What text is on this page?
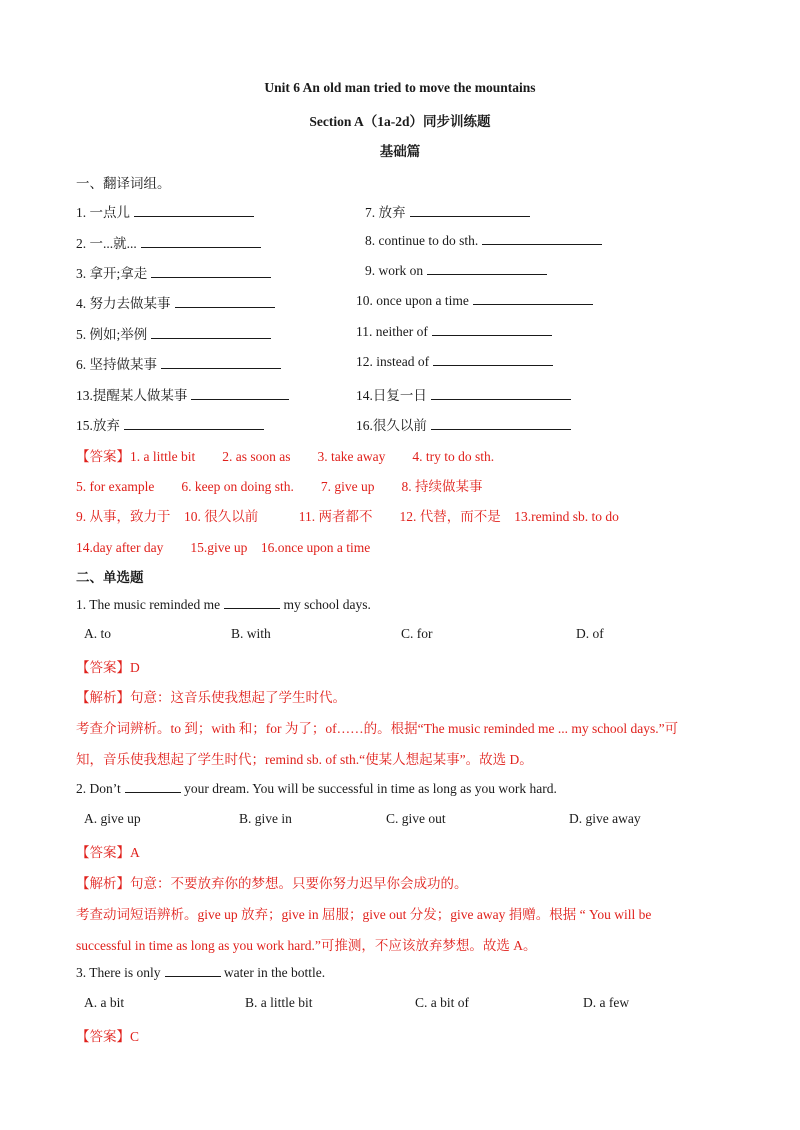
Unit 6 An old man tried to move the mountains
Section A（1a-2d）同步训练题
基础篇
一、翻译词组。
1. 一点儿
2. 一...就...
3. 拿开;拿走
4. 努力去做某事
5. 例如;举例
6. 坚持做某事
13.提醒某人做某事
15.放弃
7. 放弃
8. continue to do sth.
9. work on
10. once upon a time
11. neither of
12. instead of
14.日复一日
16.很久以前
【答案】1. a little bit　　2. as soon as　　3. take away　　4. try to do sth.
5. for example　　6. keep on doing sth.　　7. give up　　8. 持续做某事
9. 从事，致力于　10. 很久以前　　　11. 两者都不　　12. 代替，而不是　13.remind sb. to do
14.day after day　　15.give up　16.once upon a time
二、单选题
1. The music reminded me	my school days.
A. to	B. with	C. for	D. of
【答案】D
【解析】句意：这音乐使我想起了学生时代。
考查介词辨析。to 到；with 和；for 为了；of……的。根据“The music reminded me ... my school days.”可
知，音乐使我想起了学生时代；remind sb. of sth.“使某人想起某事”。故选 D。
2. Don’t	your dream. You will be successful in time as long as you work hard.
A. give up	B. give in	C. give out	D. give away
【答案】A
【解析】句意：不要放弃你的梦想。只要你努力迟早你会成功的。
考查动词短语辨析。give up 放弃；give in 屈服；give out 分发；give away 捐赠。根据 “ You will be
successful in time as long as you work hard.”可推测，不应该放弃梦想。故选 A。
3. There is only	water in the bottle.
A. a bit	B. a little bit	C. a bit of	D. a few
【答案】C
